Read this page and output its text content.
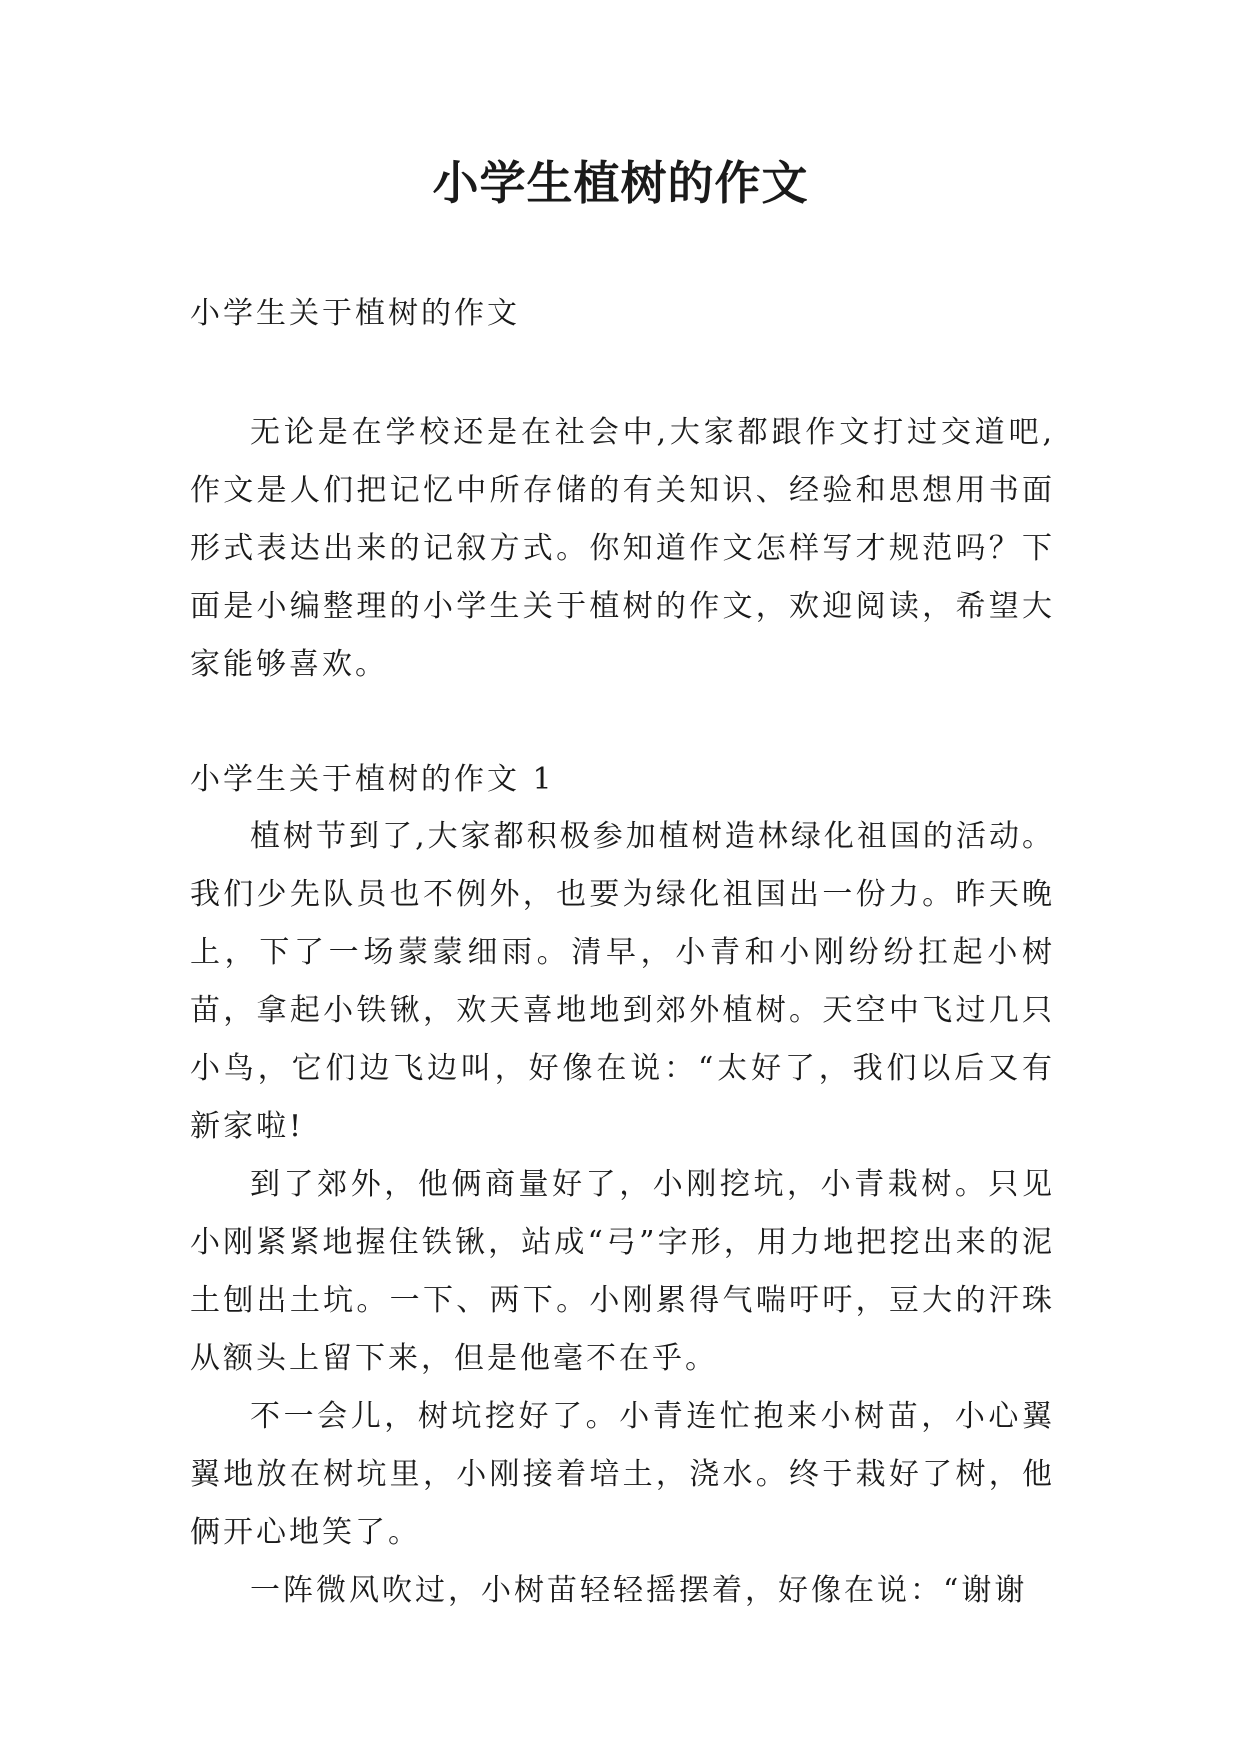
小学生植树的作文
小学生关于植树的作文

无论是在学校还是在社会中,大家都跟作文打过交道吧,作文是人们把记忆中所存储的有关知识、经验和思想用书面形式表达出来的记叙方式。你知道作文怎样写才规范吗？下面是小编整理的小学生关于植树的作文，欢迎阅读，希望大家能够喜欢。

小学生关于植树的作文 1

植树节到了,大家都积极参加植树造林绿化祖国的活动。我们少先队员也不例外，也要为绿化祖国出一份力。昨天晚上，下了一场蒙蒙细雨。清早，小青和小刚纷纷扛起小树苗，拿起小铁锹，欢天喜地地到郊外植树。天空中飞过几只小鸟，它们边飞边叫，好像在说：“太好了，我们以后又有新家啦!

到了郊外，他俩商量好了，小刚挖坑，小青栽树。只见小刚紧紧地握住铁锹，站成“弓”字形，用力地把挖出来的泥土刨出土坑。一下、两下。小刚累得气喘吁吁，豆大的汗珠从额头上留下来，但是他毫不在乎。

不一会儿，树坑挖好了。小青连忙抱来小树苗，小心翼翼地放在树坑里，小刚接着培土，浇水。终于栽好了树，他俩开心地笑了。

一阵微风吹过，小树苗轻轻摇摆着，好像在说：“谢谢
